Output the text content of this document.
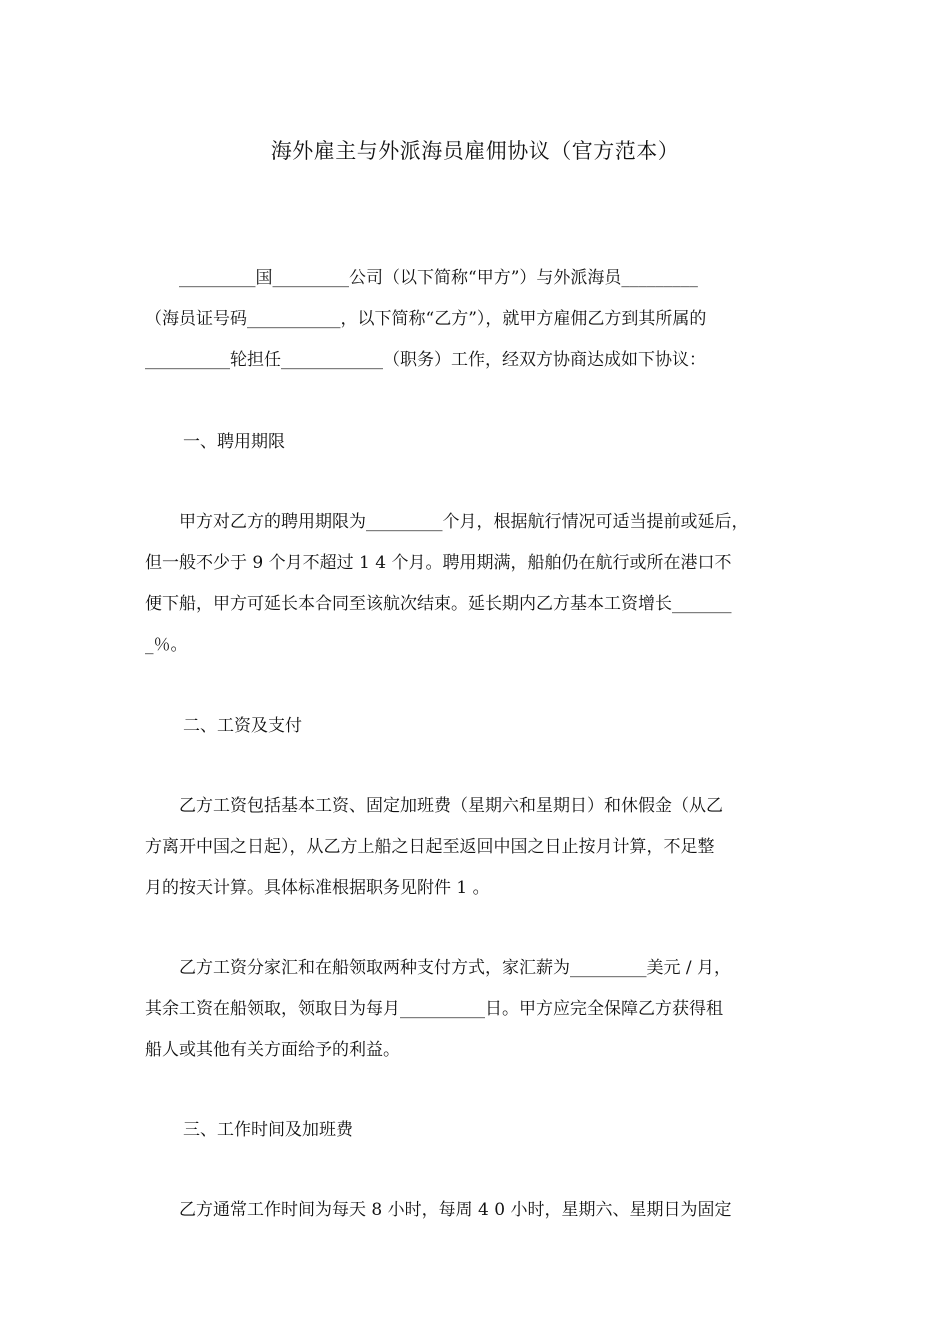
海外雇主与外派海员雇佣协议（官方范本）
　　_________国_________公司（以下简称“甲方”）与外派海员_________
（海员证号码___________，以下简称“乙方”），就甲方雇佣乙方到其所属的
__________轮担任____________（职务）工作，经双方协商达成如下协议：
一、聘用期限
　　甲方对乙方的聘用期限为_________个月，根据航行情况可适当提前或延后，
但一般不少于 9 个月不超过 1 4 个月。聘用期满，船舶仍在航行或所在港口不
便下船，甲方可延长本合同至该航次结束。延长期内乙方基本工资增长_______
_％。
二、工资及支付
　　乙方工资包括基本工资、固定加班费（星期六和星期日）和休假金（从乙
方离开中国之日起），从乙方上船之日起至返回中国之日止按月计算，不足整
月的按天计算。具体标准根据职务见附件 1 。
　　乙方工资分家汇和在船领取两种支付方式，家汇薪为_________美元 / 月，
其余工资在船领取，领取日为每月__________日。甲方应完全保障乙方获得租
船人或其他有关方面给予的利益。
三、工作时间及加班费
　　乙方通常工作时间为每天 8 小时，每周 4 0 小时，星期六、星期日为固定
